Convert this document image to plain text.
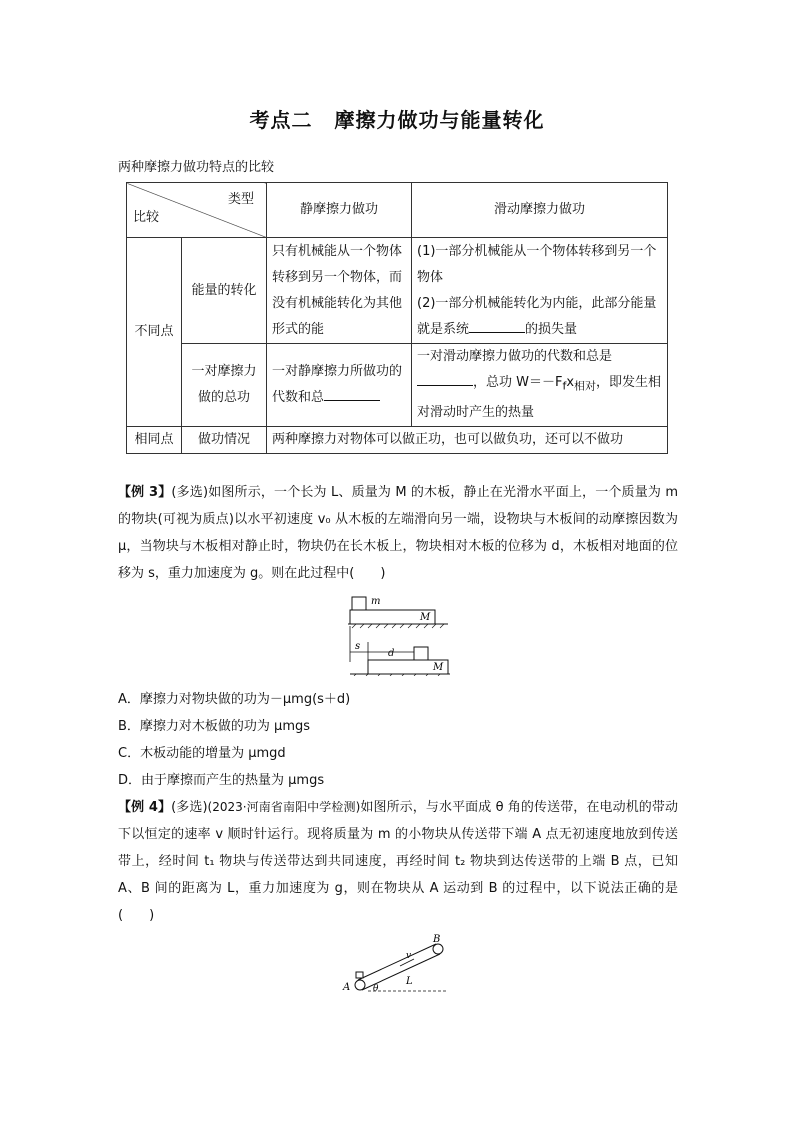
考点二 摩擦力做功与能量转化
两种摩擦力做功特点的比较
类型
比较		静摩擦力做功	滑动摩擦力做功
不同点	能量的转化	只有机械能从一个物体转移到另一个物体，而没有机械能转化为其他形式的能	(1)一部分机械能从一个物体转移到另一个物体
(2)一部分机械能转化为内能，此部分能量就是系统 的损失量

	一对摩擦力做的总功	一对静摩擦力所做功的代数和总	一对滑动摩擦力做功的代数和总是
，总功 $W=-F_fx_{相对}$，即发生相对滑动时产生的热量
相同点	做功情况	两种摩擦力对物体可以做正功，也可以做负功，还可以不做功	
【例 3】(多选)如图所示，一个长为 L、质量为 M 的木板，静止在光滑水平面上，一个质量为 m 的物块(可视为质点)以水平初速度 v₀ 从木板的左端滑向另一端，设物块与木板间的动摩擦因数为 μ，当物块与木板相对静止时，物块仍在长木板上，物块相对木板的位移为 d，木板相对地面的位移为 s，重力加速度为 g。则在此过程中(　　)
m
M
M
s
d
A．摩擦力对物块做的功为－μmg(s＋d)
B．摩擦力对木板做的功为 μmgs
C．木板动能的增量为 μmgd
D．由于摩擦而产生的热量为 μmgs
【例 4】(多选)(2023·河南省南阳中学检测)如图所示，与水平面成 θ 角的传送带，在电动机的带动下以恒定的速率 v 顺时针运行。现将质量为 m 的小物块从传送带下端 A 点无初速度地放到传送带上，经时间 t₁ 物块与传送带达到共同速度，再经时间 t₂ 物块到达传送带的上端 B 点，已知 A、B 间的距离为 L，重力加速度为 g，则在物块从 A 运动到 B 的过程中，以下说法正确的是(　　)
v
A
B
θ
L
